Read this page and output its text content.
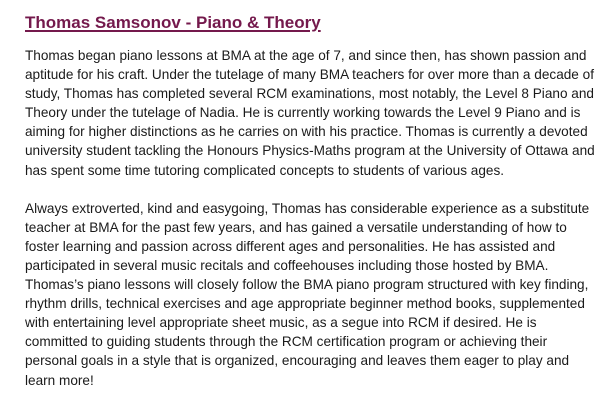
Thomas Samsonov - Piano & Theory

Thomas began piano lessons at BMA at the age of 7, and since then, has shown passion and aptitude for his craft. Under the tutelage of many BMA teachers for over more than a decade of study, Thomas has completed several RCM examinations, most notably, the Level 8 Piano and Theory under the tutelage of Nadia. He is currently working towards the Level 9 Piano and is aiming for higher distinctions as he carries on with his practice. Thomas is currently a devoted university student tackling the Honours Physics-Maths program at the University of Ottawa and has spent some time tutoring complicated concepts to students of various ages.

Always extroverted, kind and easygoing, Thomas has considerable experience as a substitute teacher at BMA for the past few years, and has gained a versatile understanding of how to foster learning and passion across different ages and personalities. He has assisted and participated in several music recitals and coffeehouses including those hosted by BMA. Thomas’s piano lessons will closely follow the BMA piano program structured with key finding, rhythm drills, technical exercises and age appropriate beginner method books, supplemented with entertaining level appropriate sheet music, as a segue into RCM if desired. He is committed to guiding students through the RCM certification program or achieving their personal goals in a style that is organized, encouraging and leaves them eager to play and learn more!
